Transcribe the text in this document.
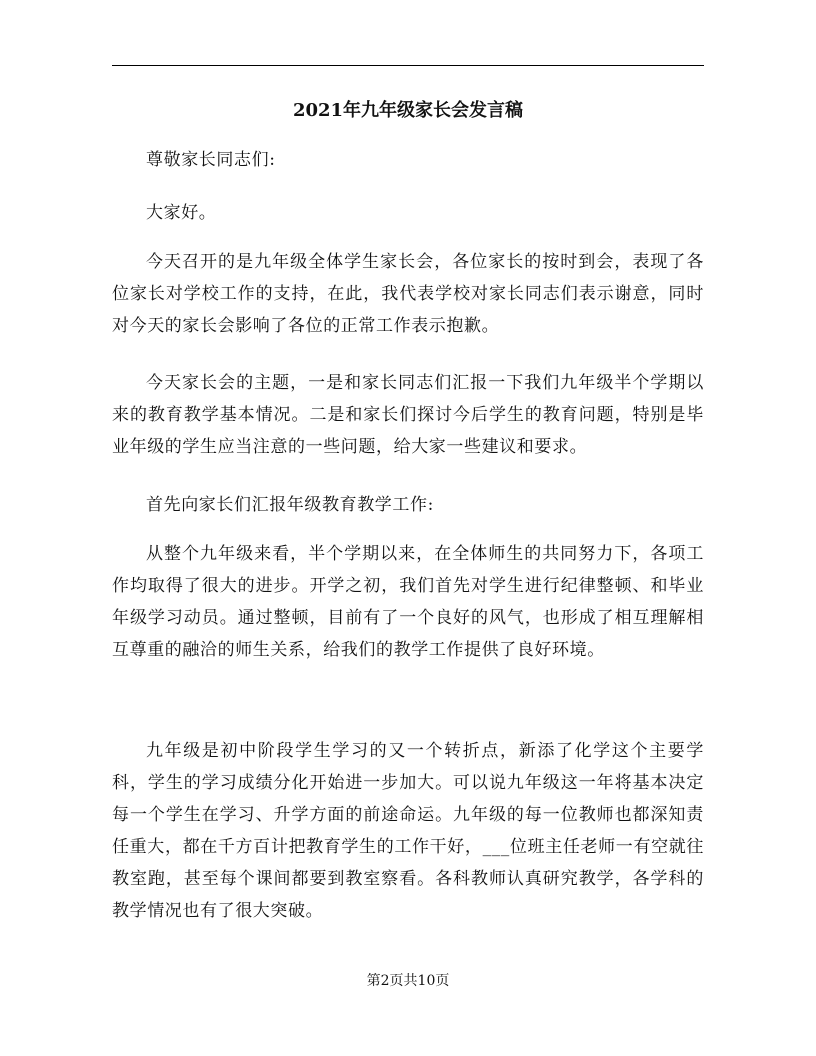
2021年九年级家长会发言稿

尊敬家长同志们:

大家好。

今天召开的是九年级全体学生家长会，各位家长的按时到会，表现了各位家长对学校工作的支持，在此，我代表学校对家长同志们表示谢意，同时对今天的家长会影响了各位的正常工作表示抱歉。

今天家长会的主题，一是和家长同志们汇报一下我们九年级半个学期以来的教育教学基本情况。二是和家长们探讨今后学生的教育问题，特别是毕业年级的学生应当注意的一些问题，给大家一些建议和要求。

首先向家长们汇报年级教育教学工作:

从整个九年级来看，半个学期以来，在全体师生的共同努力下，各项工作均取得了很大的进步。开学之初，我们首先对学生进行纪律整顿、和毕业年级学习动员。通过整顿，目前有了一个良好的风气，也形成了相互理解相互尊重的融洽的师生关系，给我们的教学工作提供了良好环境。

九年级是初中阶段学生学习的又一个转折点，新添了化学这个主要学科，学生的学习成绩分化开始进一步加大。可以说九年级这一年将基本决定每一个学生在学习、升学方面的前途命运。九年级的每一位教师也都深知责任重大，都在千方百计把教育学生的工作干好，___位班主任老师一有空就往教室跑，甚至每个课间都要到教室察看。各科教师认真研究教学，各学科的教学情况也有了很大突破。

第2页共10页
